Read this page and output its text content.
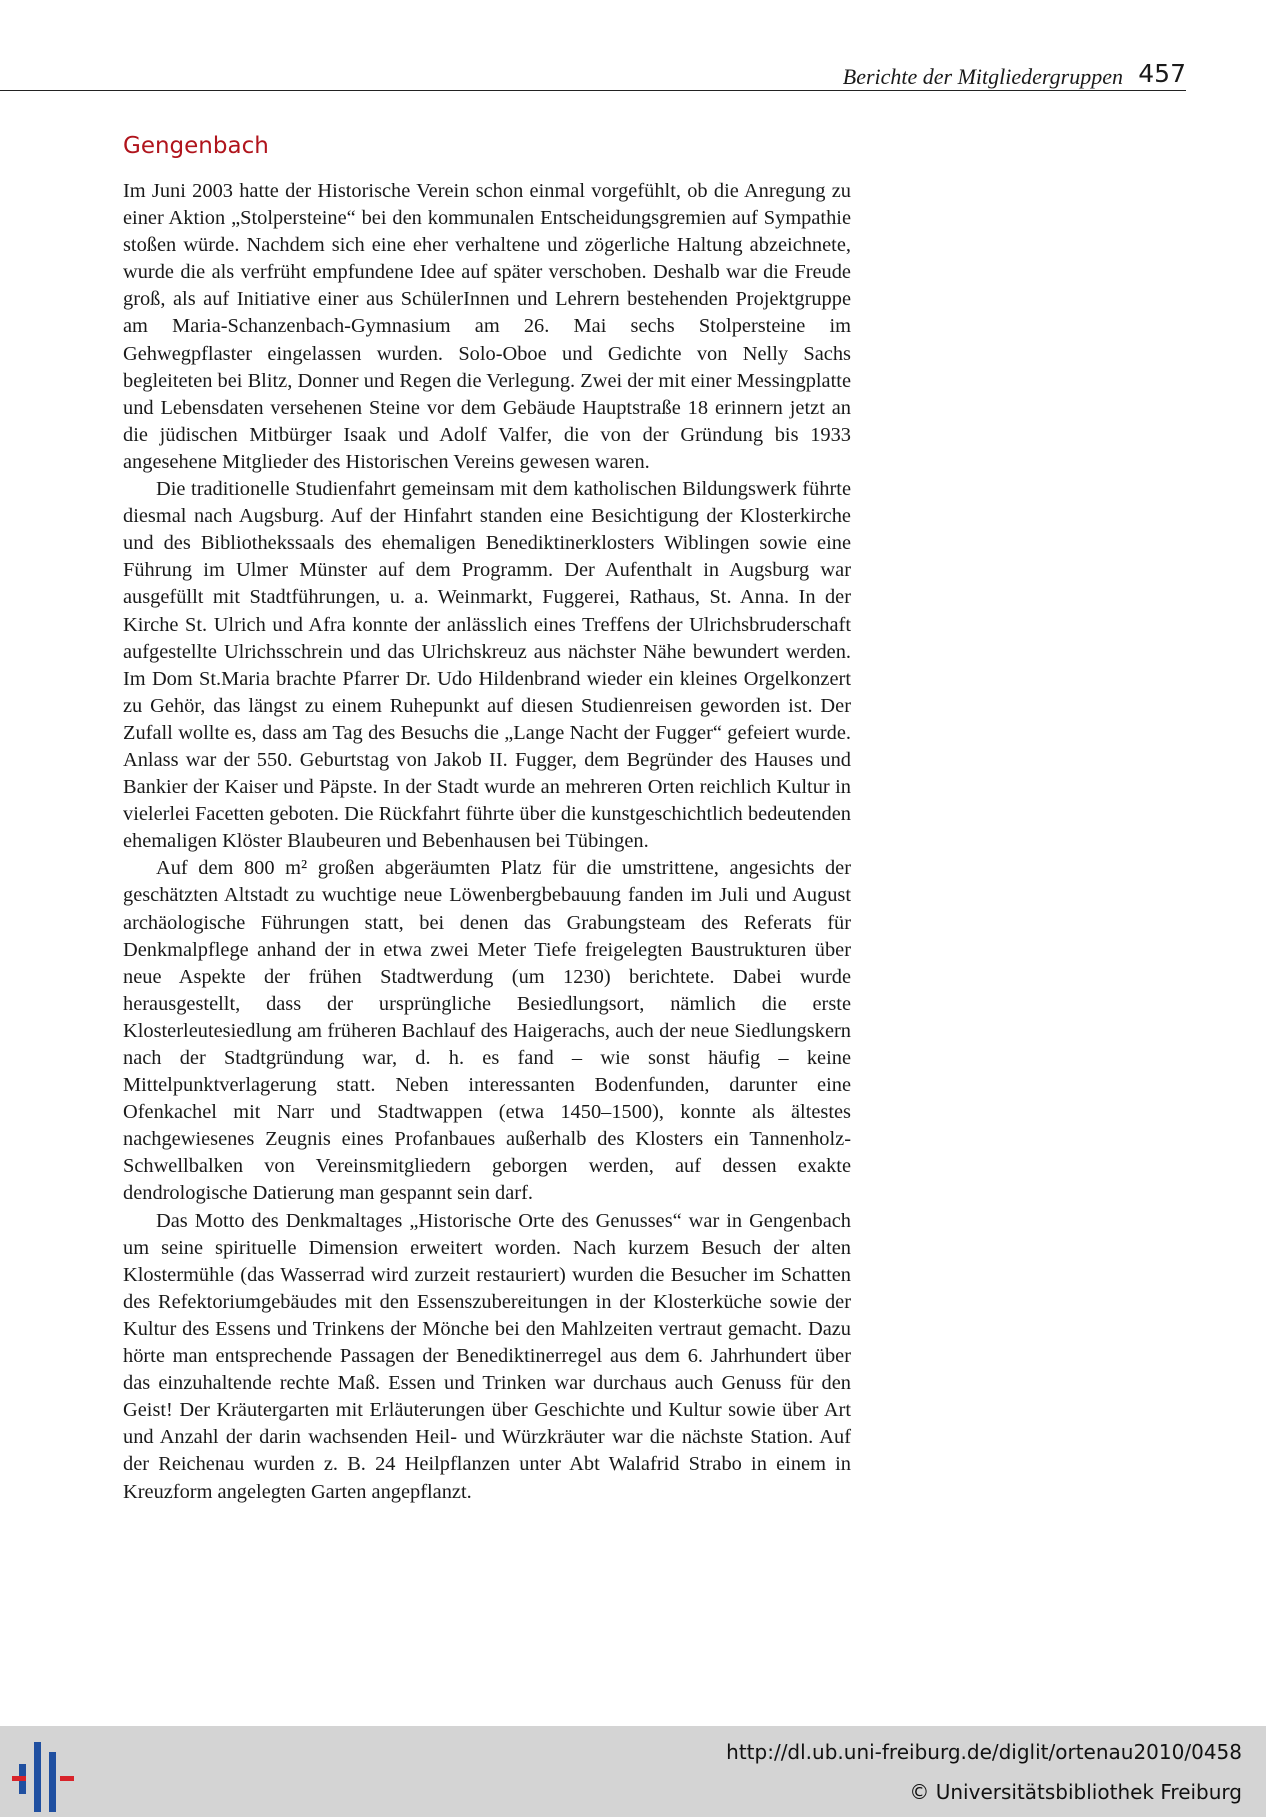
Berichte der Mitgliedergruppen 457
Gengenbach

Im Juni 2003 hatte der Historische Verein schon einmal vorgefühlt, ob die Anregung zu einer Aktion „Stolpersteine“ bei den kommunalen Entscheidungsgremien auf Sympathie stoßen würde. Nachdem sich eine eher verhaltene und zögerliche Haltung abzeichnete, wurde die als verfrüht empfundene Idee auf später verschoben. Deshalb war die Freude groß, als auf Initiative einer aus SchülerInnen und Lehrern bestehenden Projektgruppe am Maria-Schanzenbach-Gymnasium am 26. Mai sechs Stolpersteine im Gehwegpflaster eingelassen wurden. Solo-Oboe und Gedichte von Nelly Sachs begleiteten bei Blitz, Donner und Regen die Verlegung. Zwei der mit einer Messingplatte und Lebensdaten versehenen Steine vor dem Gebäude Hauptstraße 18 erinnern jetzt an die jüdischen Mitbürger Isaak und Adolf Valfer, die von der Gründung bis 1933 angesehene Mitglieder des Historischen Vereins gewesen waren.

Die traditionelle Studienfahrt gemeinsam mit dem katholischen Bildungswerk führte diesmal nach Augsburg. Auf der Hinfahrt standen eine Besichtigung der Klosterkirche und des Bibliothekssaals des ehemaligen Benediktinerklosters Wiblingen sowie eine Führung im Ulmer Münster auf dem Programm. Der Aufenthalt in Augsburg war ausgefüllt mit Stadtführungen, u. a. Weinmarkt, Fuggerei, Rathaus, St. Anna. In der Kirche St. Ulrich und Afra konnte der anlässlich eines Treffens der Ulrichsbruderschaft aufgestellte Ulrichsschrein und das Ulrichskreuz aus nächster Nähe bewundert werden. Im Dom St.Maria brachte Pfarrer Dr. Udo Hildenbrand wieder ein kleines Orgelkonzert zu Gehör, das längst zu einem Ruhepunkt auf diesen Studienreisen geworden ist. Der Zufall wollte es, dass am Tag des Besuchs die „Lange Nacht der Fugger“ gefeiert wurde. Anlass war der 550. Geburtstag von Jakob II. Fugger, dem Begründer des Hauses und Bankier der Kaiser und Päpste. In der Stadt wurde an mehreren Orten reichlich Kultur in vielerlei Facetten geboten. Die Rückfahrt führte über die kunstgeschichtlich bedeutenden ehemaligen Klöster Blaubeuren und Bebenhausen bei Tübingen.

Auf dem 800 m² großen abgeräumten Platz für die umstrittene, angesichts der geschätzten Altstadt zu wuchtige neue Löwenbergbebauung fanden im Juli und August archäologische Führungen statt, bei denen das Grabungsteam des Referats für Denkmalpflege anhand der in etwa zwei Meter Tiefe freigelegten Baustrukturen über neue Aspekte der frühen Stadtwerdung (um 1230) berichtete. Dabei wurde herausgestellt, dass der ursprüngliche Besiedlungsort, nämlich die erste Klosterleutesiedlung am früheren Bachlauf des Haigerachs, auch der neue Siedlungskern nach der Stadtgründung war, d. h. es fand – wie sonst häufig – keine Mittelpunktverlagerung statt. Neben interessanten Bodenfunden, darunter eine Ofenkachel mit Narr und Stadtwappen (etwa 1450–1500), konnte als ältestes nachgewiesenes Zeugnis eines Profanbaues außerhalb des Klosters ein Tannenholz-Schwellbalken von Vereinsmitgliedern geborgen werden, auf dessen exakte dendrologische Datierung man gespannt sein darf.

Das Motto des Denkmaltages „Historische Orte des Genusses“ war in Gengenbach um seine spirituelle Dimension erweitert worden. Nach kurzem Besuch der alten Klostermühle (das Wasserrad wird zurzeit restauriert) wurden die Besucher im Schatten des Refektoriumgebäudes mit den Essenszubereitungen in der Klosterküche sowie der Kultur des Essens und Trinkens der Mönche bei den Mahlzeiten vertraut gemacht. Dazu hörte man entsprechende Passagen der Benediktinerregel aus dem 6. Jahrhundert über das einzuhaltende rechte Maß. Essen und Trinken war durchaus auch Genuss für den Geist! Der Kräutergarten mit Erläuterungen über Geschichte und Kultur sowie über Art und Anzahl der darin wachsenden Heil- und Würzkräuter war die nächste Station. Auf der Reichenau wurden z. B. 24 Heilpflanzen unter Abt Walafrid Strabo in einem in Kreuzform angelegten Garten angepflanzt.

http://dl.ub.uni-freiburg.de/diglit/ortenau2010/0458
© Universitätsbibliothek Freiburg
